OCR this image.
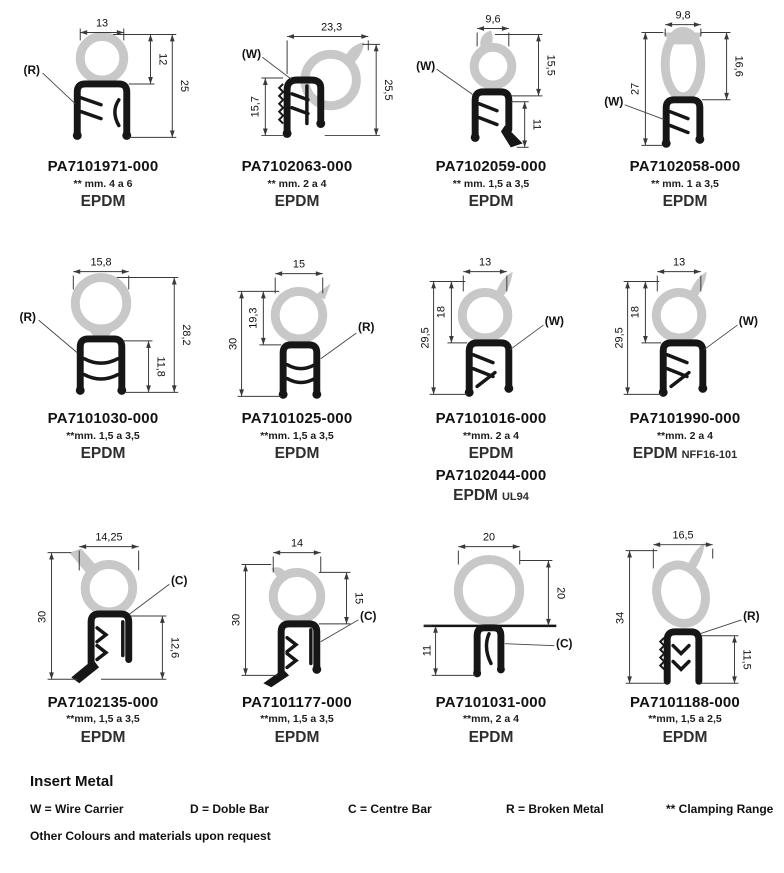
(R)
13
12
25
PA7101971-000
** mm. 4 a 6
EPDM
(W)
23,3
25,5
15,7
PA7102063-000
** mm. 2 a 4
EPDM
(W)
9,6
15,5
11
PA7102059-000
** mm. 1,5 a 3,5
EPDM
(W)
9,8
16,6
27
PA7102058-000
** mm. 1 a 3,5
EPDM
(R)
15,8
28,2
11,8
PA7101030-000
**mm. 1,5 a 3,5
EPDM
(R)
15
19,3
30
PA7101025-000
**mm. 1,5 a 3,5
EPDM
(W)
13
18
29,5
PA7101016-000
**mm. 2 a 4
EPDM
PA7102044-000
EPDM UL94
(W)
13
18
29,5
PA7101990-000
**mm. 2 a 4
EPDM NFF16-101
(C)
14,25
30
12,6
PA7102135-000
**mm, 1,5 a 3,5
EPDM
(C)
14
15
30
PA7101177-000
**mm, 1,5 a 3,5
EPDM
(C)
20
20
11
PA7101031-000
**mm, 2 a 4
EPDM
(R)
16,5
34
11,5
PA7101188-000
**mm, 1,5 a 2,5
EPDM
Insert Metal
W = Wire Carrier	D = Doble Bar	C = Centre Bar	R = Broken Metal	** Clamping Range
Other Colours and materials upon request
